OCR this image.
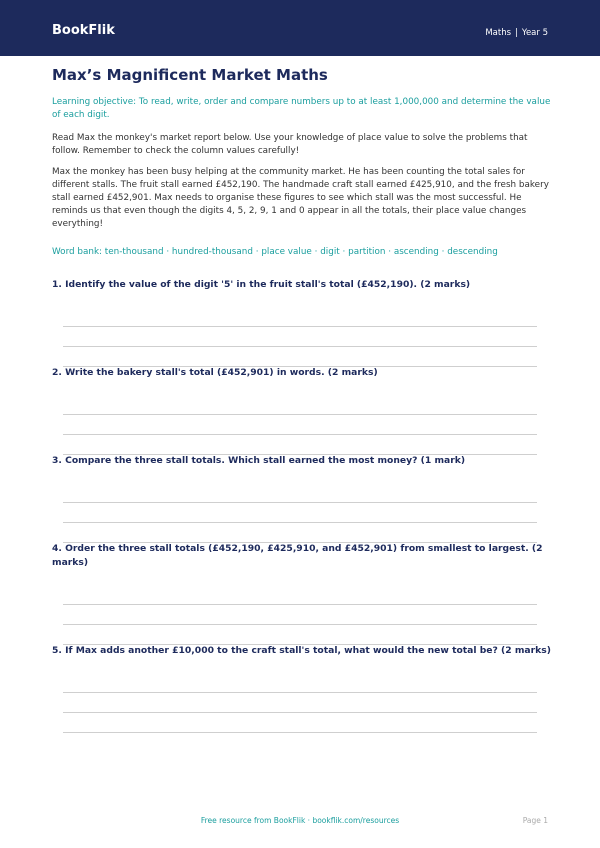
BookFlik	Maths | Year 5
Max’s Magnificent Market Maths

Learning objective: To read, write, order and compare numbers up to at least 1,000,000 and determine the value of each digit.

Read Max the monkey's market report below. Use your knowledge of place value to solve the problems that follow. Remember to check the column values carefully!

Max the monkey has been busy helping at the community market. He has been counting the total sales for different stalls. The fruit stall earned £452,190. The handmade craft stall earned £425,910, and the fresh bakery stall earned £452,901. Max needs to organise these figures to see which stall was the most successful. He reminds us that even though the digits 4, 5, 2, 9, 1 and 0 appear in all the totals, their place value changes everything!

Word bank: ten-thousand · hundred-thousand · place value · digit · partition · ascending · descending

1. Identify the value of the digit '5' in the fruit stall's total (£452,190). (2 marks)

2. Write the bakery stall's total (£452,901) in words. (2 marks)

3. Compare the three stall totals. Which stall earned the most money? (1 mark)

4. Order the three stall totals (£452,190, £425,910, and £452,901) from smallest to largest. (2 marks)

5. If Max adds another £10,000 to the craft stall's total, what would the new total be? (2 marks)

Free resource from BookFlik · bookflik.com/resources	Page 1
